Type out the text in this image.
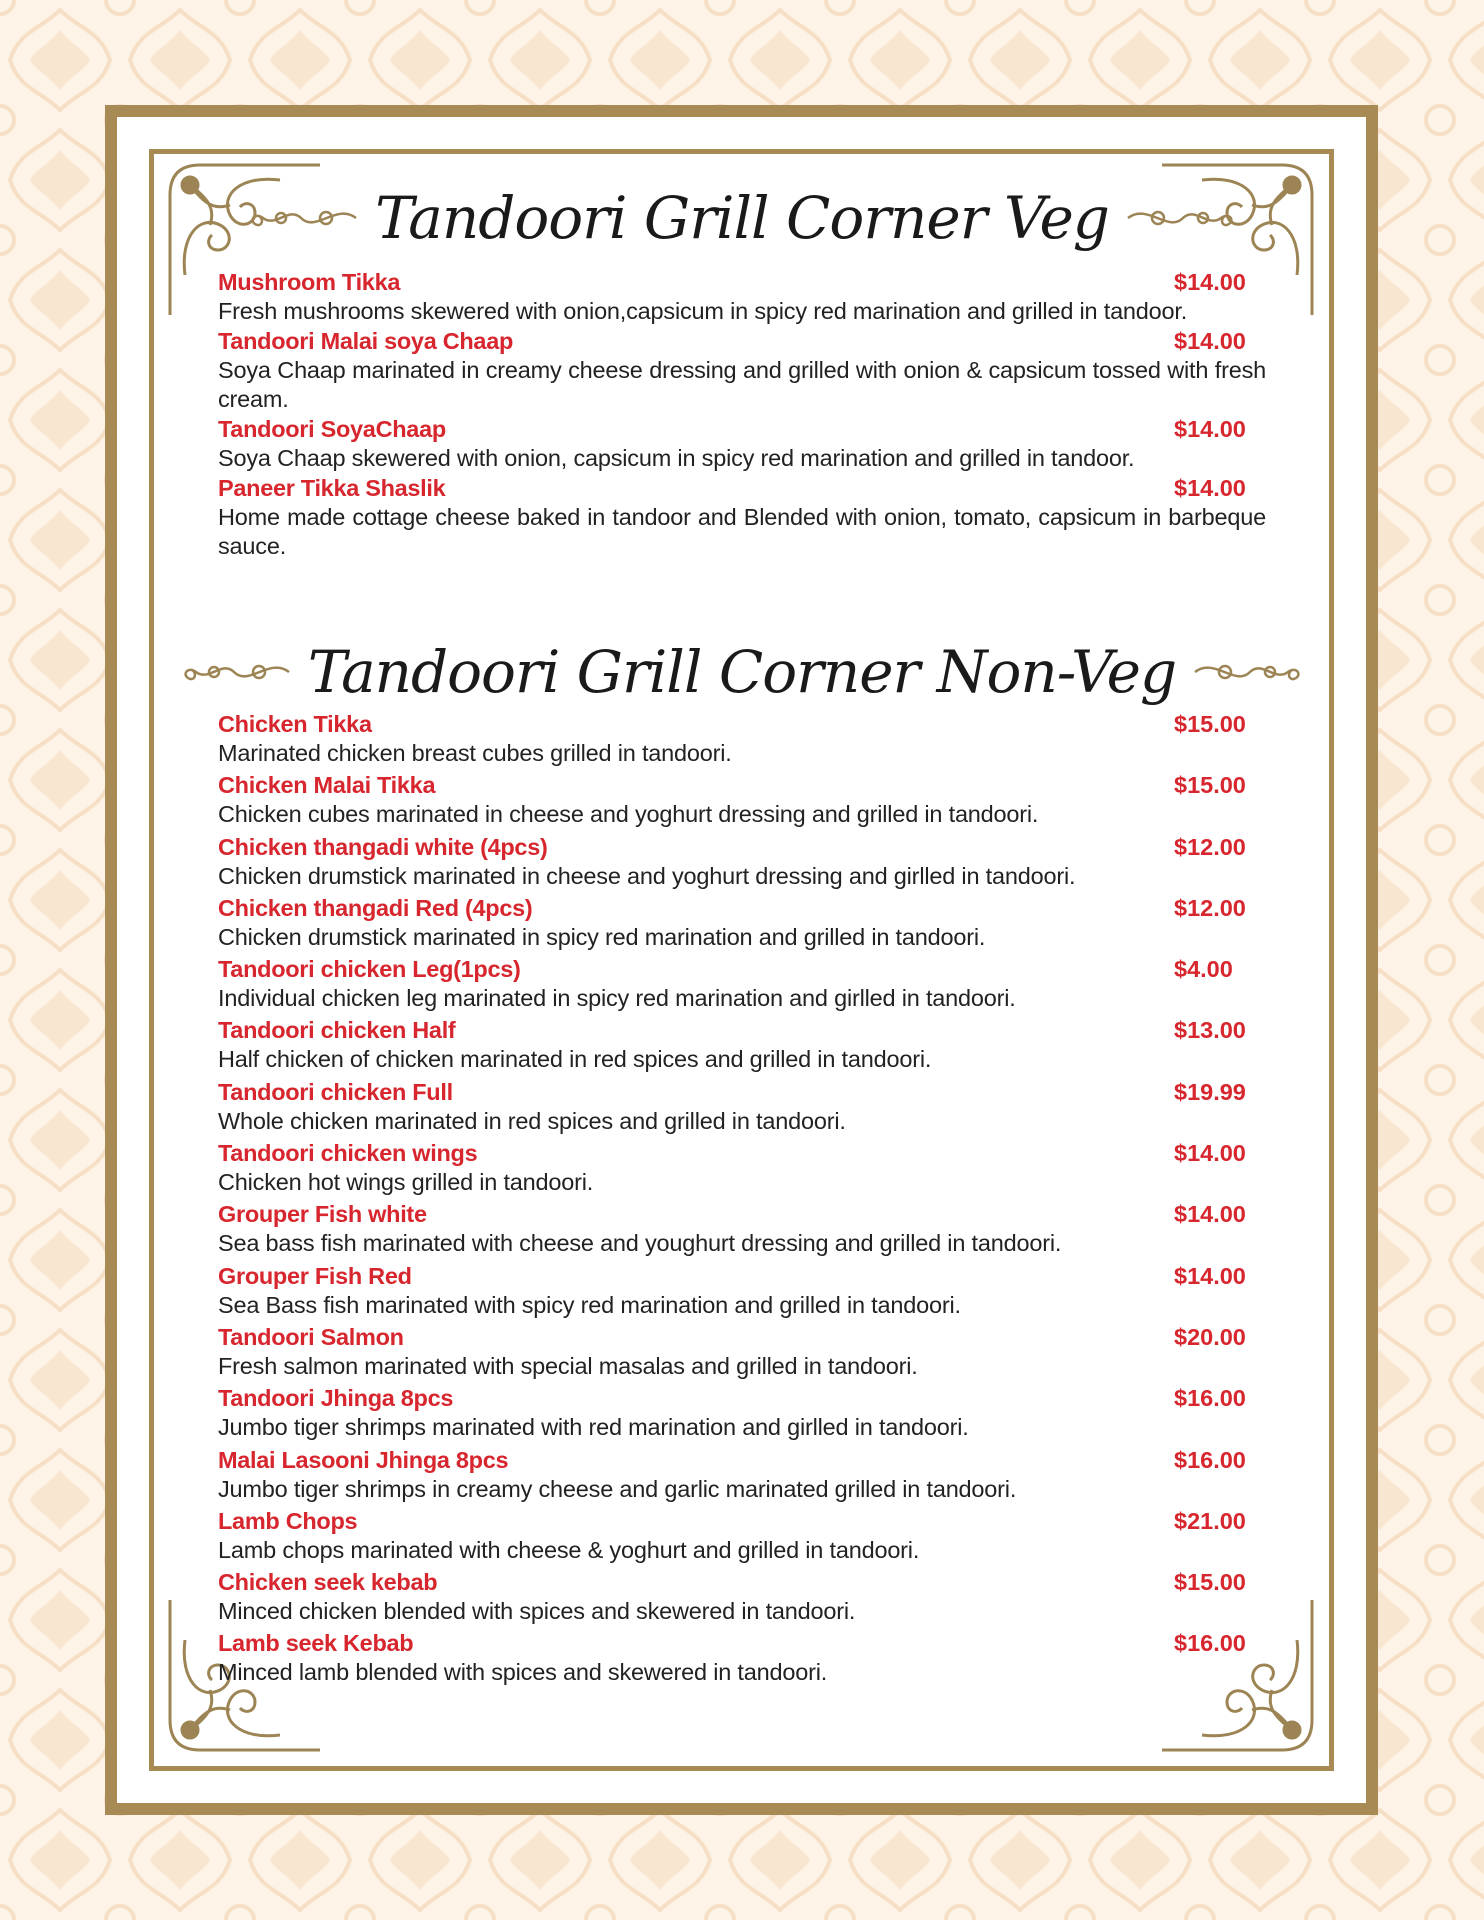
Tandoori Grill Corner Veg
Mushroom Tikka	$14.00
Fresh mushrooms skewered with onion,capsicum in spicy red marination and grilled in tandoor.
Tandoori Malai soya Chaap	$14.00
Soya Chaap marinated in creamy cheese dressing and grilled with onion & capsicum tossed with fresh cream.
Tandoori SoyaChaap	$14.00
Soya Chaap skewered with onion, capsicum in spicy red marination and grilled in tandoor.
Paneer Tikka Shaslik	$14.00
Home made cottage cheese baked in tandoor and Blended with onion, tomato, capsicum in barbeque sauce.
Tandoori Grill Corner Non-Veg
Chicken Tikka	$15.00
Marinated chicken breast cubes grilled in tandoori.
Chicken Malai Tikka	$15.00
Chicken cubes marinated in cheese and yoghurt dressing and grilled in tandoori.
Chicken thangadi white (4pcs)	$12.00
Chicken drumstick marinated in cheese and yoghurt dressing and girlled in tandoori.
Chicken thangadi Red (4pcs)	$12.00
Chicken drumstick marinated in spicy red marination and grilled in tandoori.
Tandoori chicken Leg(1pcs)	$4.00
Individual chicken leg marinated in spicy red marination and girlled in tandoori.
Tandoori chicken Half	$13.00
Half chicken of chicken marinated in red spices and grilled in tandoori.
Tandoori chicken Full	$19.99
Whole chicken marinated in red spices and grilled in tandoori.
Tandoori chicken wings	$14.00
Chicken hot wings grilled in tandoori.
Grouper Fish white	$14.00
Sea bass fish marinated with cheese and youghurt dressing and grilled in tandoori.
Grouper Fish Red	$14.00
Sea Bass fish marinated with spicy red marination and grilled in tandoori.
Tandoori Salmon	$20.00
Fresh salmon marinated with special masalas and grilled in tandoori.
Tandoori Jhinga 8pcs	$16.00
Jumbo tiger shrimps marinated with red marination and girlled in tandoori.
Malai Lasooni Jhinga 8pcs	$16.00
Jumbo tiger shrimps in creamy cheese and garlic marinated grilled in tandoori.
Lamb Chops	$21.00
Lamb chops marinated with cheese & yoghurt and grilled in tandoori.
Chicken seek kebab	$15.00
Minced chicken blended with spices and skewered in tandoori.
Lamb seek Kebab	$16.00
Minced lamb blended with spices and skewered in tandoori.
